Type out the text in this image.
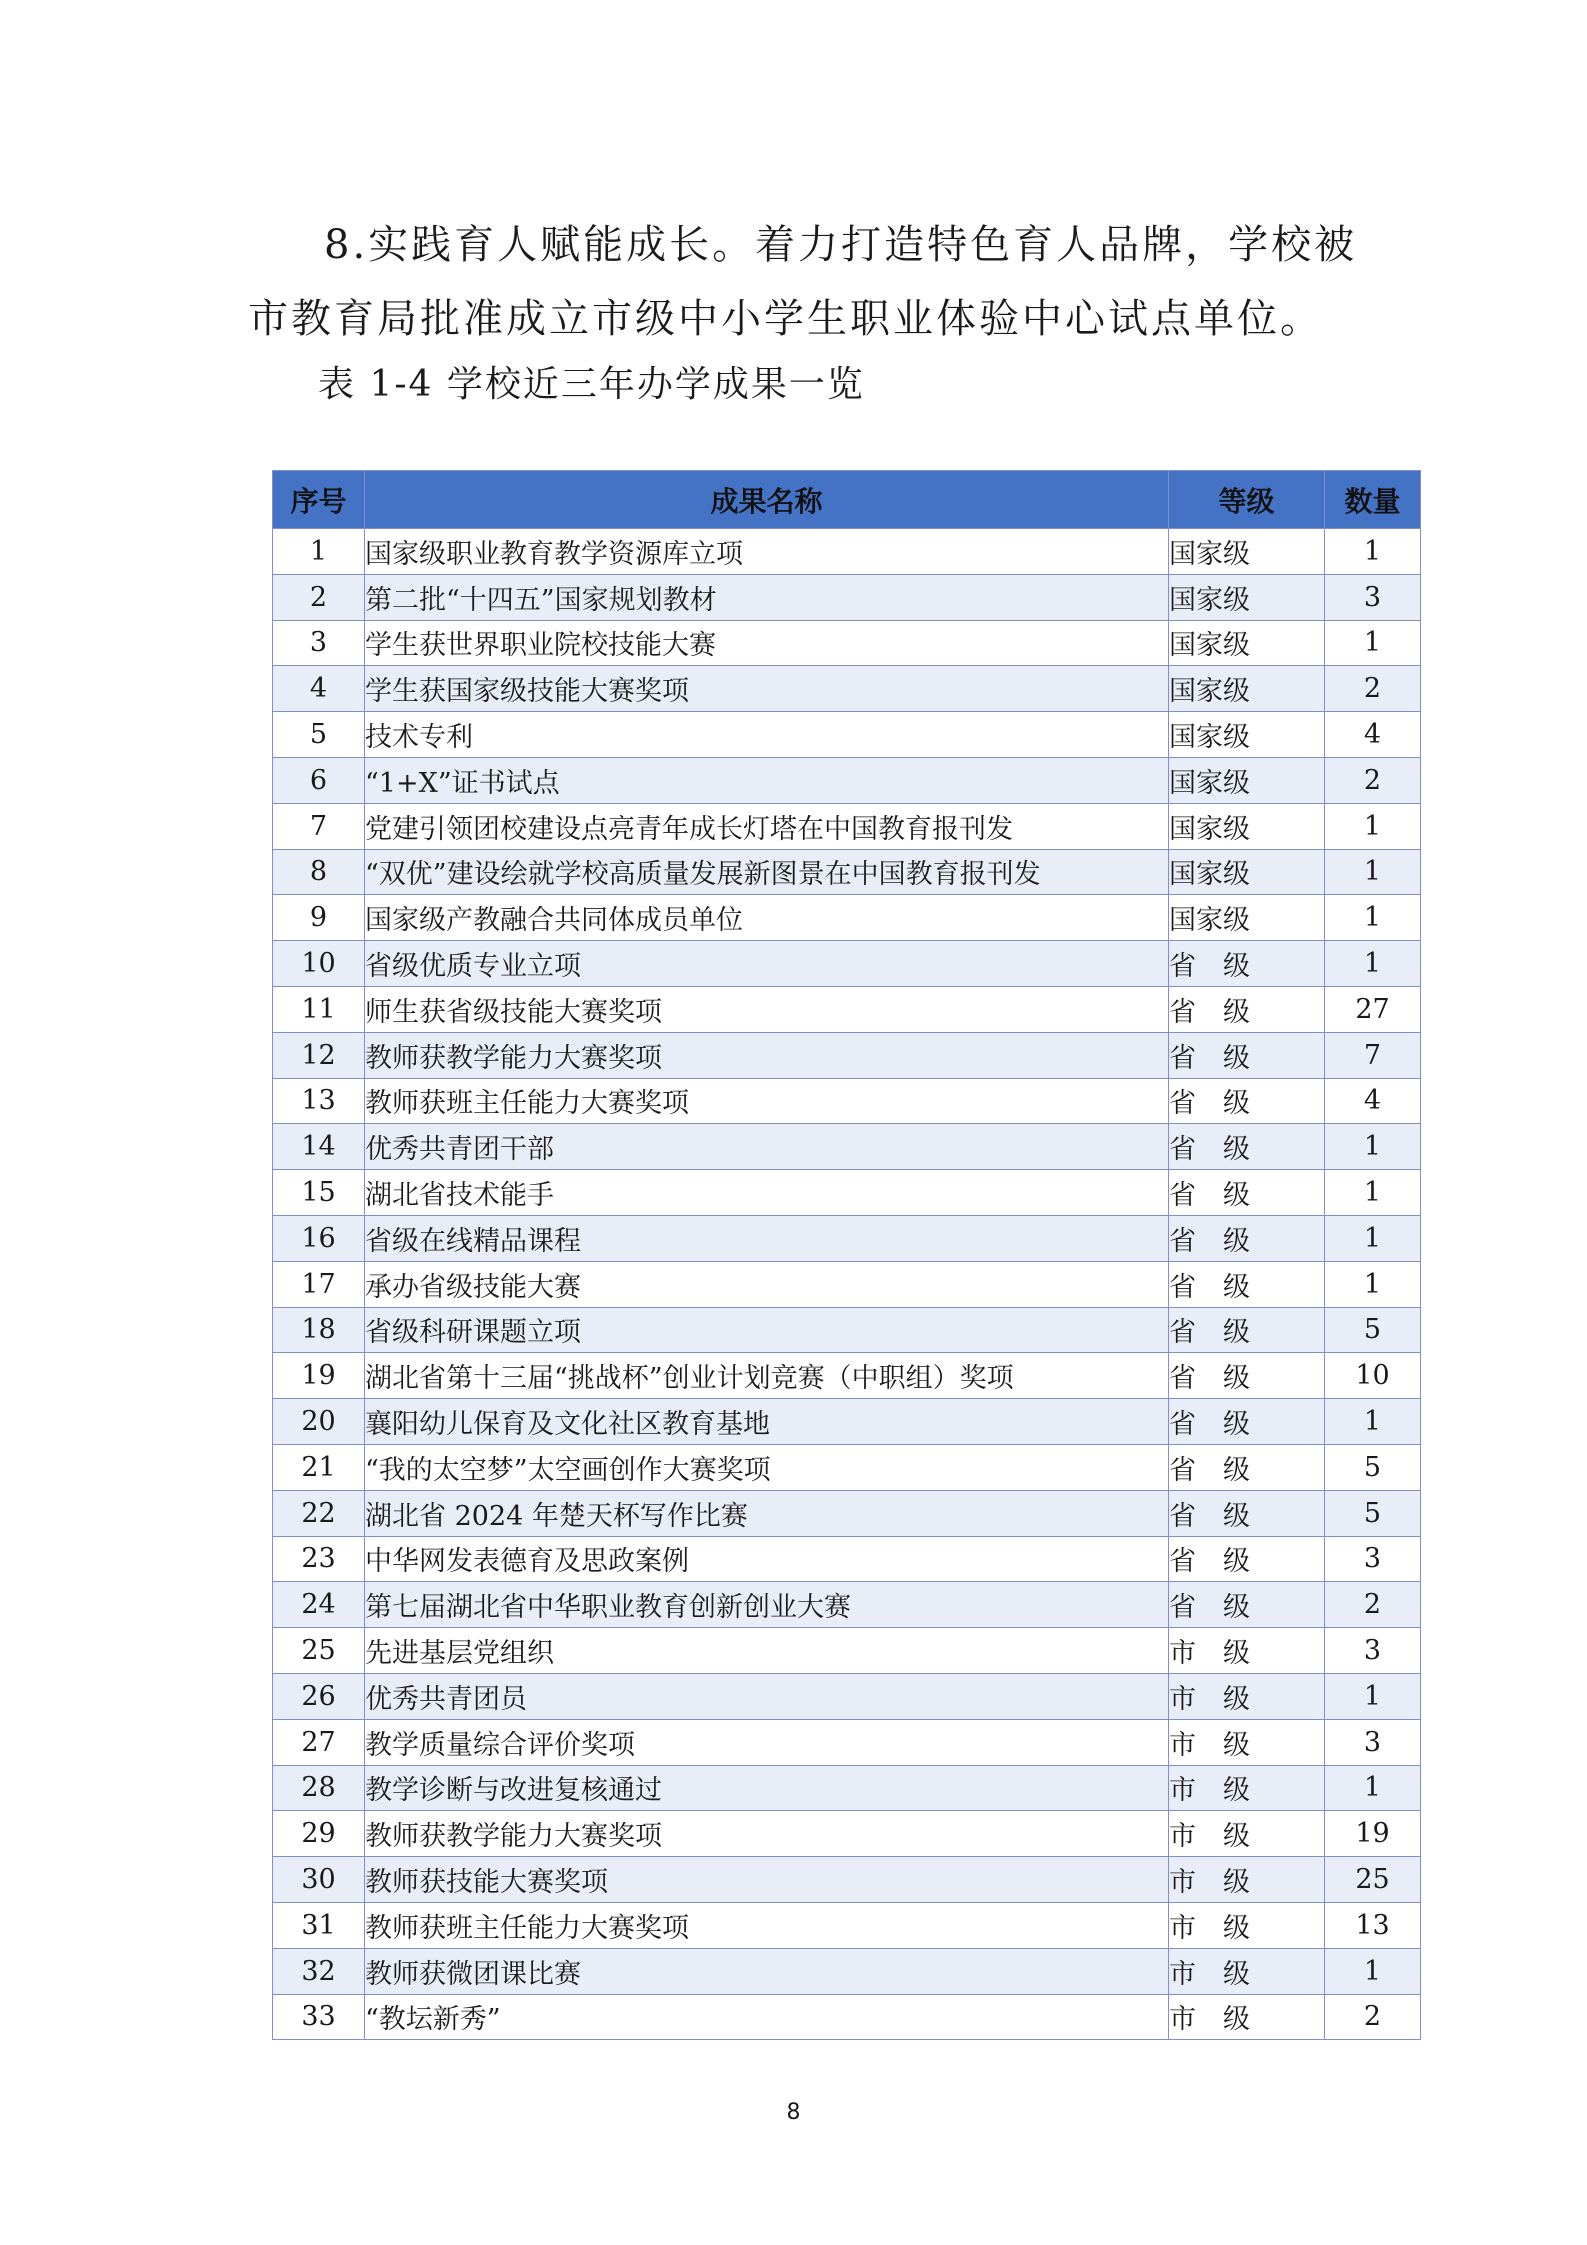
8.实践育人赋能成长。着力打造特色育人品牌，学校被
市教育局批准成立市级中小学生职业体验中心试点单位。
表 1-4 学校近三年办学成果一览
序号	成果名称	等级	数量
1	国家级职业教育教学资源库立项	国家级	1
2	第二批“十四五”国家规划教材	国家级	3
3	学生获世界职业院校技能大赛	国家级	1
4	学生获国家级技能大赛奖项	国家级	2
5	技术专利	国家级	4
6	“1+X”证书试点	国家级	2
7	党建引领团校建设点亮青年成长灯塔在中国教育报刊发	国家级	1
8	“双优”建设绘就学校高质量发展新图景在中国教育报刊发	国家级	1
9	国家级产教融合共同体成员单位	国家级	1
10	省级优质专业立项	省　级	1
11	师生获省级技能大赛奖项	省　级	27
12	教师获教学能力大赛奖项	省　级	7
13	教师获班主任能力大赛奖项	省　级	4
14	优秀共青团干部	省　级	1
15	湖北省技术能手	省　级	1
16	省级在线精品课程	省　级	1
17	承办省级技能大赛	省　级	1
18	省级科研课题立项	省　级	5
19	湖北省第十三届“挑战杯”创业计划竞赛（中职组）奖项	省　级	10
20	襄阳幼儿保育及文化社区教育基地	省　级	1
21	“我的太空梦”太空画创作大赛奖项	省　级	5
22	湖北省 2024 年楚天杯写作比赛	省　级	5
23	中华网发表德育及思政案例	省　级	3
24	第七届湖北省中华职业教育创新创业大赛	省　级	2
25	先进基层党组织	市　级	3
26	优秀共青团员	市　级	1
27	教学质量综合评价奖项	市　级	3
28	教学诊断与改进复核通过	市　级	1
29	教师获教学能力大赛奖项	市　级	19
30	教师获技能大赛奖项	市　级	25
31	教师获班主任能力大赛奖项	市　级	13
32	教师获微团课比赛	市　级	1
33	“教坛新秀”	市　级	2
8
